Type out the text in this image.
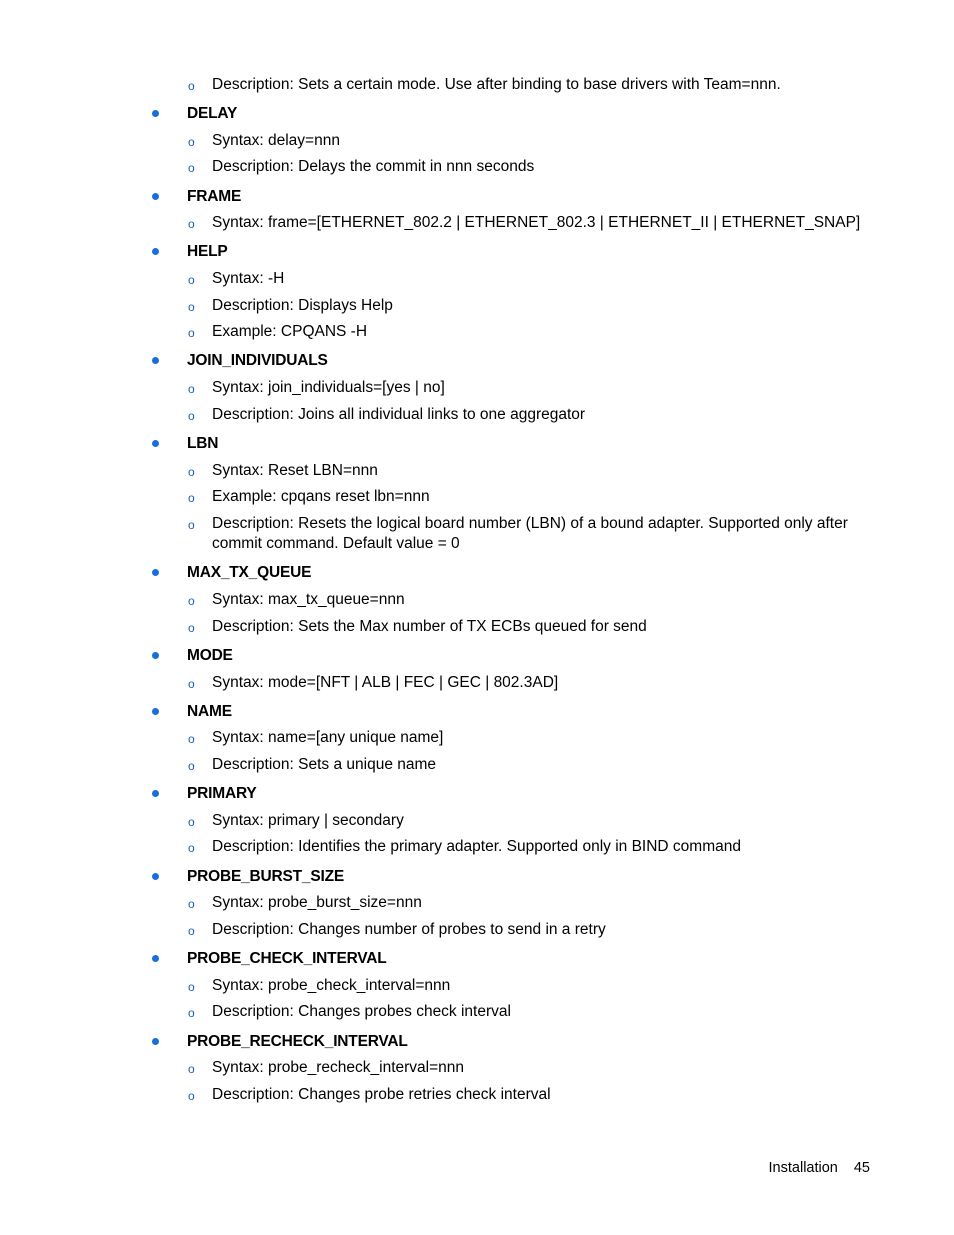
o Description: Sets a certain mode. Use after binding to base drivers with Team=nnn.
DELAY
o Syntax: delay=nnn
o Description: Delays the commit in nnn seconds
FRAME
o Syntax: frame=[ETHERNET_802.2 | ETHERNET_802.3 | ETHERNET_II | ETHERNET_SNAP]
HELP
o Syntax: -H
o Description: Displays Help
o Example: CPQANS -H
JOIN_INDIVIDUALS
o Syntax: join_individuals=[yes | no]
o Description: Joins all individual links to one aggregator
LBN
o Syntax: Reset LBN=nnn
o Example: cpqans reset lbn=nnn
o Description: Resets the logical board number (LBN) of a bound adapter. Supported only after commit command. Default value = 0
MAX_TX_QUEUE
o Syntax: max_tx_queue=nnn
o Description: Sets the Max number of TX ECBs queued for send
MODE
o Syntax: mode=[NFT | ALB | FEC | GEC | 802.3AD]
NAME
o Syntax: name=[any unique name]
o Description: Sets a unique name
PRIMARY
o Syntax: primary | secondary
o Description: Identifies the primary adapter. Supported only in BIND command
PROBE_BURST_SIZE
o Syntax: probe_burst_size=nnn
o Description: Changes number of probes to send in a retry
PROBE_CHECK_INTERVAL
o Syntax: probe_check_interval=nnn
o Description: Changes probes check interval
PROBE_RECHECK_INTERVAL
o Syntax: probe_recheck_interval=nnn
o Description: Changes probe retries check interval
Installation 45
